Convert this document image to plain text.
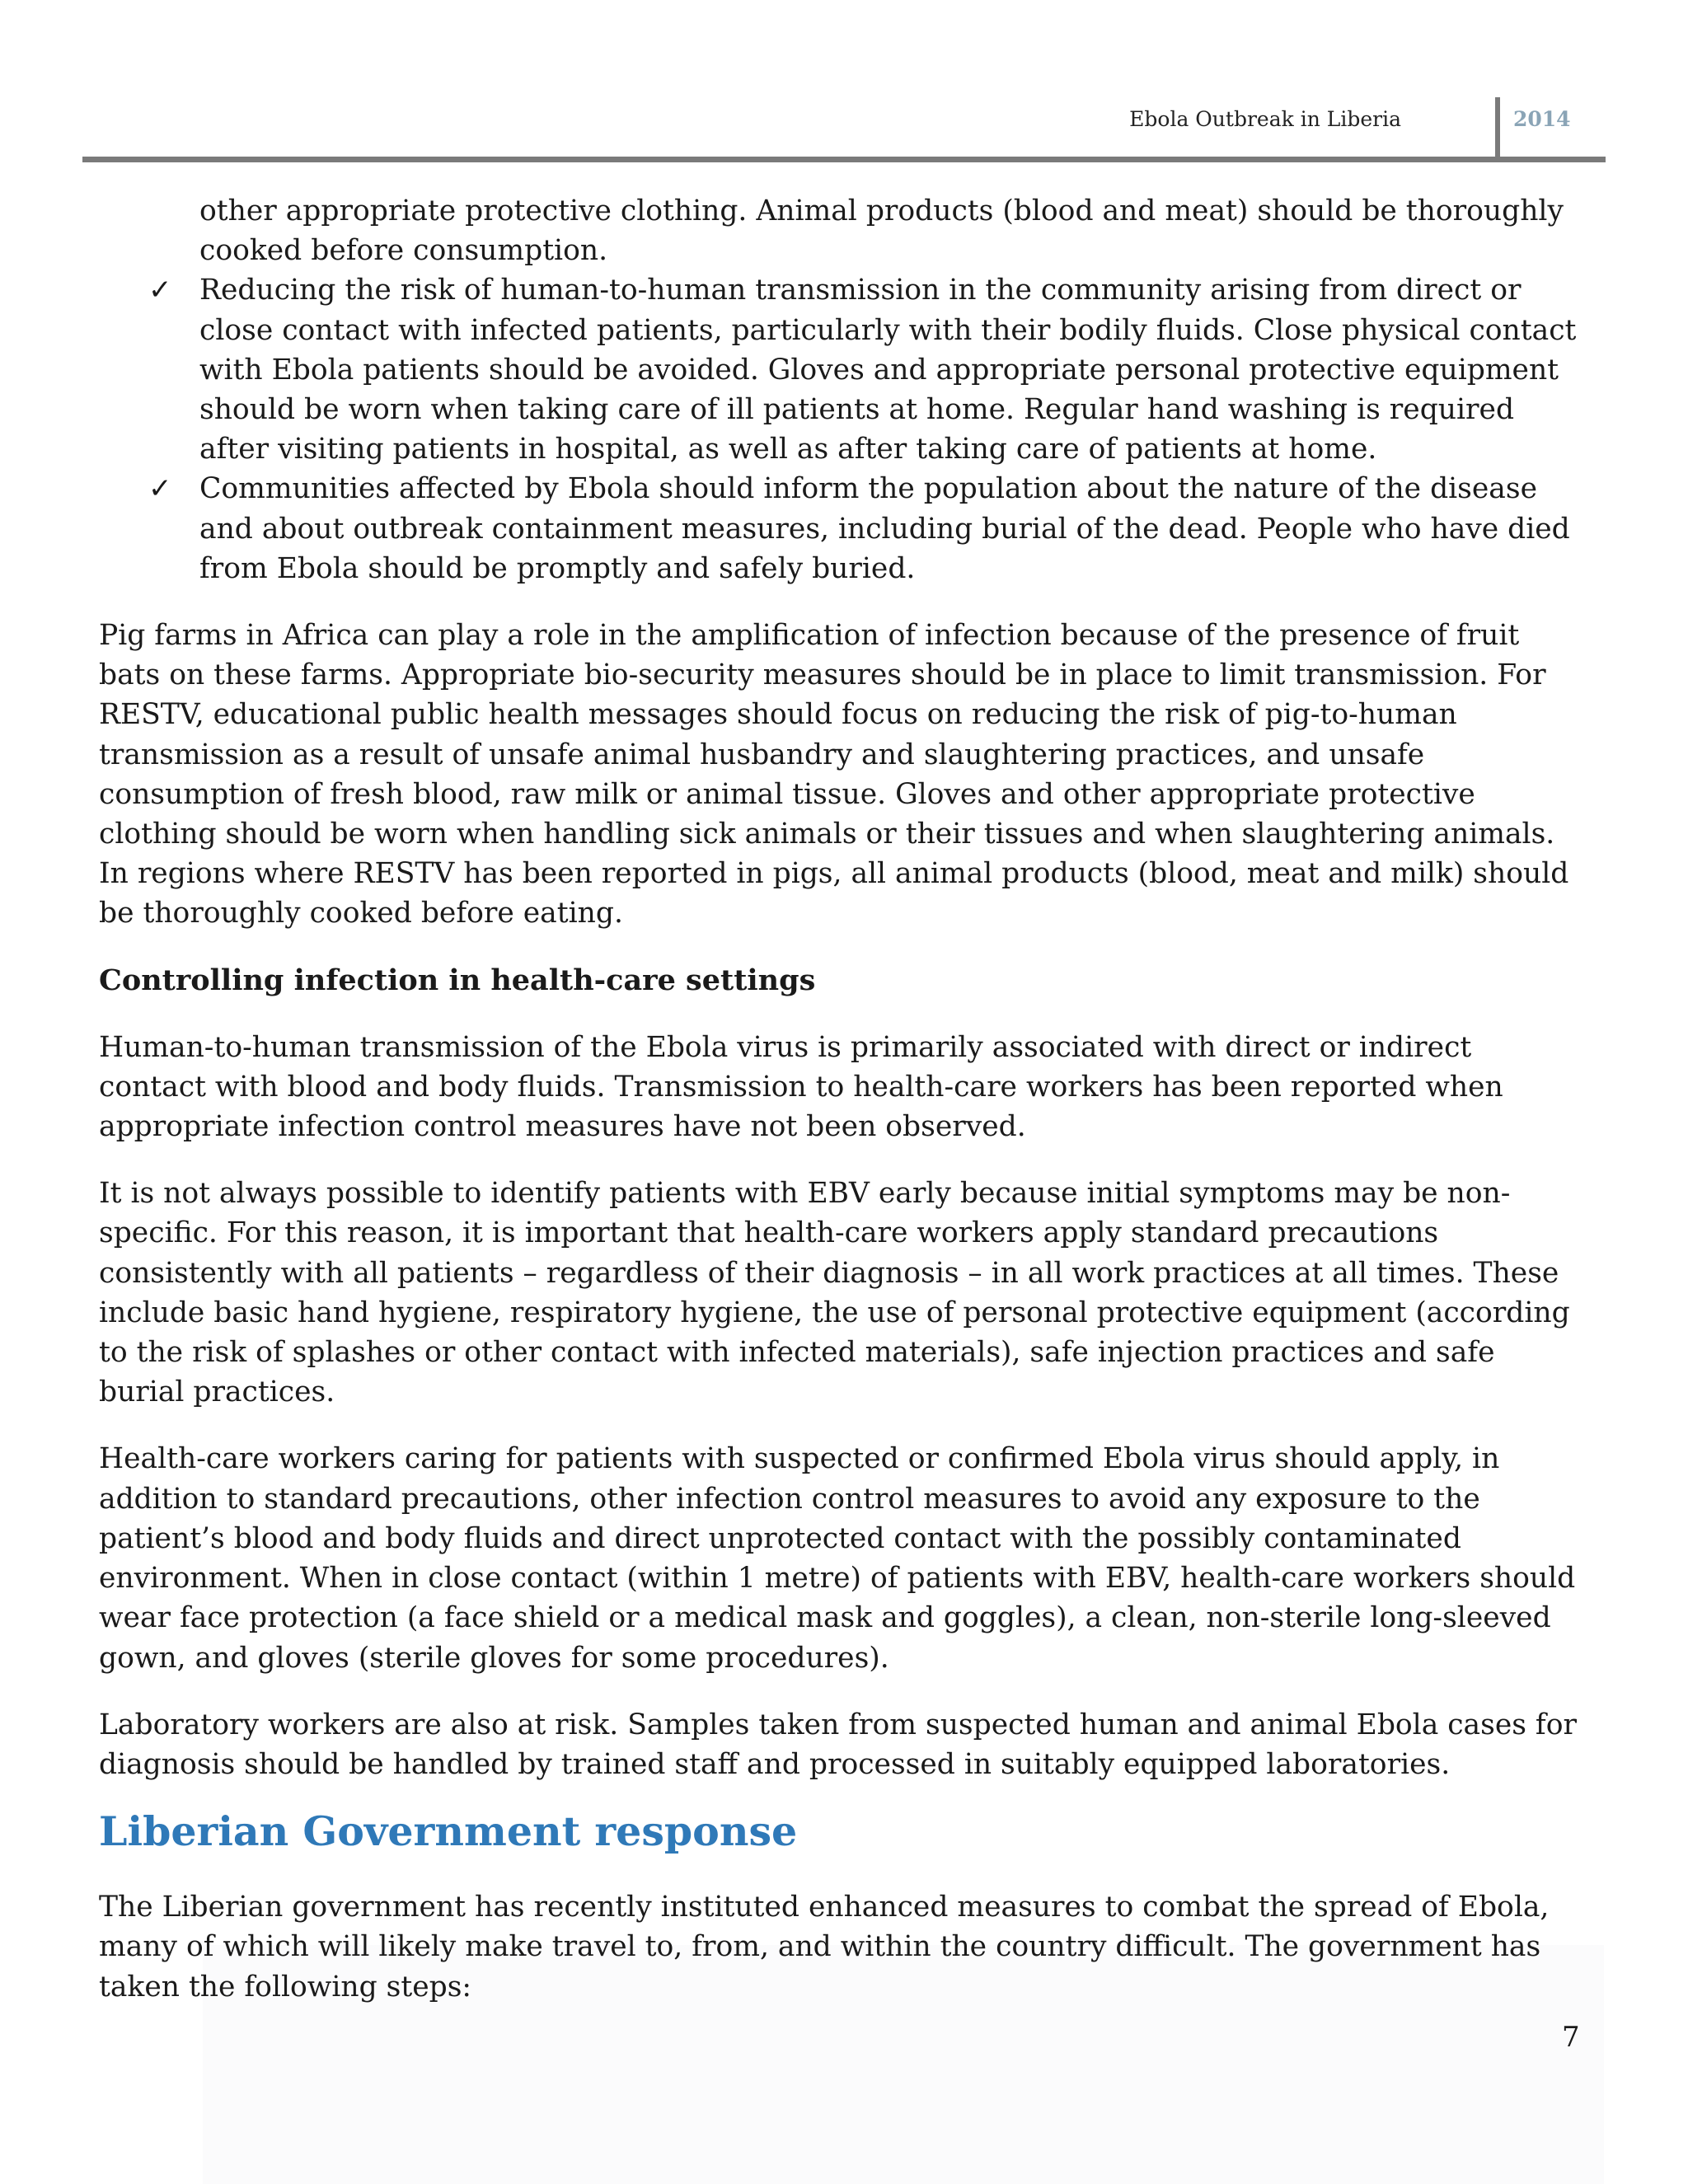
Ebola Outbreak in Liberia	2014
other appropriate protective clothing. Animal products (blood and meat) should be thoroughly cooked before consumption.
✓ Reducing the risk of human-to-human transmission in the community arising from direct or close contact with infected patients, particularly with their bodily fluids. Close physical contact with Ebola patients should be avoided. Gloves and appropriate personal protective equipment should be worn when taking care of ill patients at home. Regular hand washing is required after visiting patients in hospital, as well as after taking care of patients at home.
✓ Communities affected by Ebola should inform the population about the nature of the disease and about outbreak containment measures, including burial of the dead. People who have died from Ebola should be promptly and safely buried.

Pig farms in Africa can play a role in the amplification of infection because of the presence of fruit bats on these farms. Appropriate bio-security measures should be in place to limit transmission. For RESTV, educational public health messages should focus on reducing the risk of pig-to-human transmission as a result of unsafe animal husbandry and slaughtering practices, and unsafe consumption of fresh blood, raw milk or animal tissue. Gloves and other appropriate protective clothing should be worn when handling sick animals or their tissues and when slaughtering animals. In regions where RESTV has been reported in pigs, all animal products (blood, meat and milk) should be thoroughly cooked before eating.

Controlling infection in health-care settings

Human-to-human transmission of the Ebola virus is primarily associated with direct or indirect contact with blood and body fluids. Transmission to health-care workers has been reported when appropriate infection control measures have not been observed.

It is not always possible to identify patients with EBV early because initial symptoms may be non-specific. For this reason, it is important that health-care workers apply standard precautions consistently with all patients – regardless of their diagnosis – in all work practices at all times. These include basic hand hygiene, respiratory hygiene, the use of personal protective equipment (according to the risk of splashes or other contact with infected materials), safe injection practices and safe burial practices.

Health-care workers caring for patients with suspected or confirmed Ebola virus should apply, in addition to standard precautions, other infection control measures to avoid any exposure to the patient’s blood and body fluids and direct unprotected contact with the possibly contaminated environment. When in close contact (within 1 metre) of patients with EBV, health-care workers should wear face protection (a face shield or a medical mask and goggles), a clean, non-sterile long-sleeved gown, and gloves (sterile gloves for some procedures).

Laboratory workers are also at risk. Samples taken from suspected human and animal Ebola cases for diagnosis should be handled by trained staff and processed in suitably equipped laboratories.

Liberian Government response

The Liberian government has recently instituted enhanced measures to combat the spread of Ebola, many of which will likely make travel to, from, and within the country difficult. The government has taken the following steps:

7
